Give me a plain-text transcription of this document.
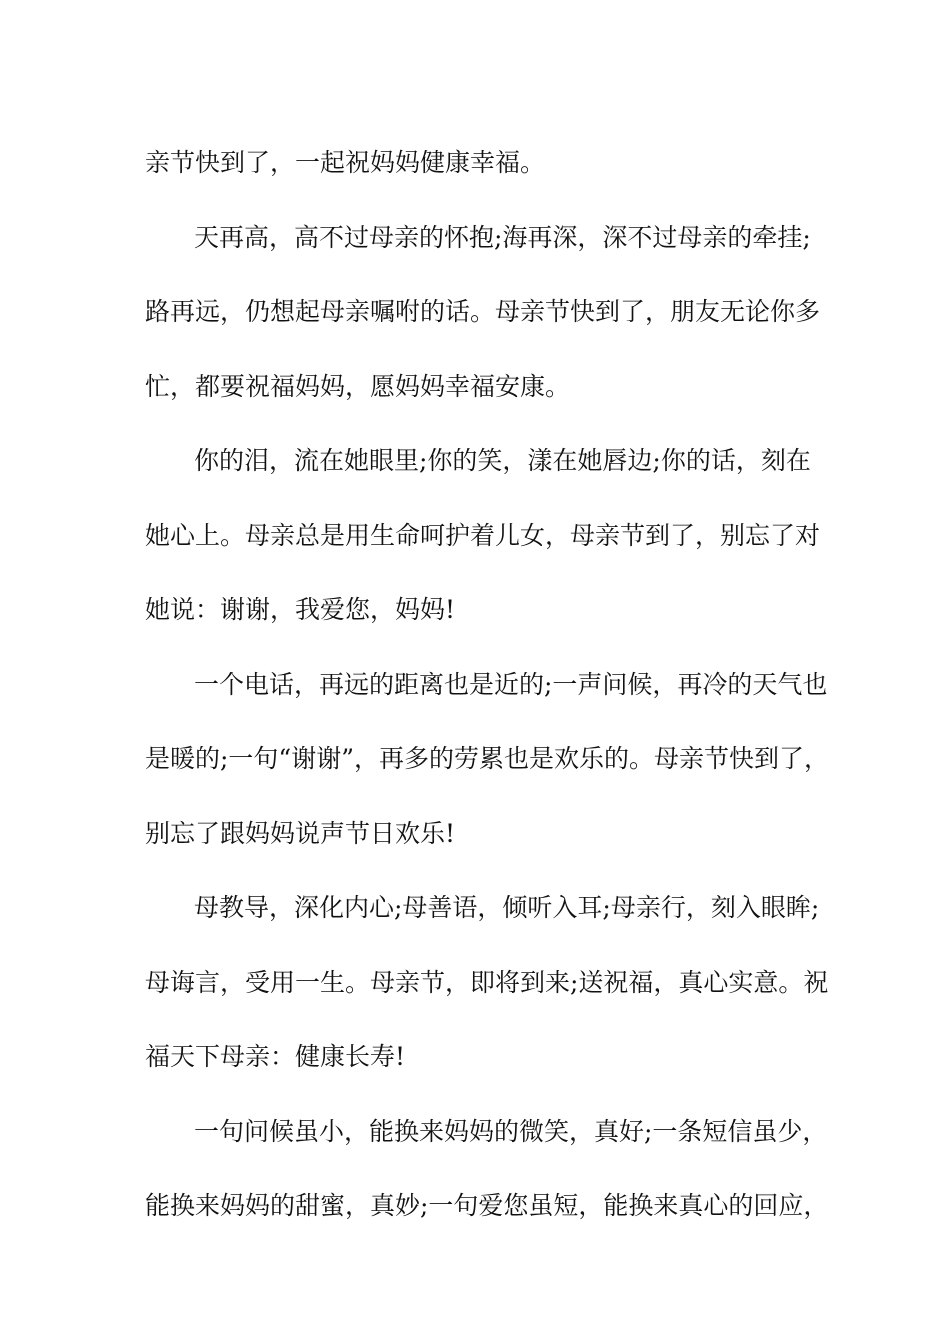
亲节快到了，一起祝妈妈健康幸福。
天再高，高不过母亲的怀抱;海再深，深不过母亲的牵挂;
路再远，仍想起母亲嘱咐的话。母亲节快到了，朋友无论你多
忙，都要祝福妈妈，愿妈妈幸福安康。
你的泪，流在她眼里;你的笑，漾在她唇边;你的话，刻在
她心上。母亲总是用生命呵护着儿女，母亲节到了，别忘了对
她说：谢谢，我爱您，妈妈!
一个电话，再远的距离也是近的;一声问候，再冷的天气也
是暖的;一句“谢谢”，再多的劳累也是欢乐的。母亲节快到了，
别忘了跟妈妈说声节日欢乐!
母教导，深化内心;母善语，倾听入耳;母亲行，刻入眼眸;
母诲言，受用一生。母亲节，即将到来;送祝福，真心实意。祝
福天下母亲：健康长寿!
一句问候虽小，能换来妈妈的微笑，真好;一条短信虽少，
能换来妈妈的甜蜜，真妙;一句爱您虽短，能换来真心的回应，
